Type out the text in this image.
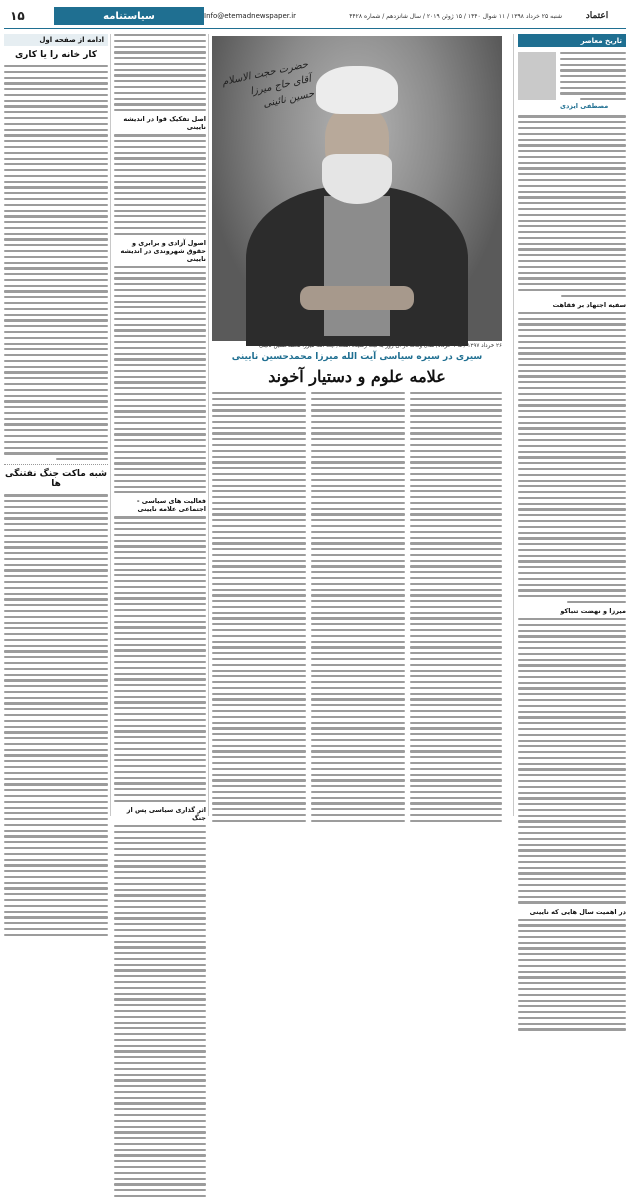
اعتماد
شنبه ۲۵ خرداد ۱۳۹۸ / ۱۱ شوال ۱۴۴۰ / ۱۵ ژوئن ۲۰۱۹ / سال شانزدهم / شماره ۴۴۲۸
Info@etemadnewspaper.ir
سیاستنامه
۱۵
تاریخ معاصر
مصطفی ایزدی
سفیه اجتهاد بر فقاهت
میرزا و نهضت تنباکو
در اهمیت سال هایی که نایینی
حضرت حجت الاسلام آقای حاج میرزا حسین نائینی
۲۶ خرداد ۱۲۹۷ / ۱۹۵ خرداد/ سال وفات در آن روز به ثبت رسیده است/ آیت الله میرزا محمدحسین نائینی
سیری در سیره سیاسی آیت الله میرزا محمدحسین نایینی
علامه علوم و دستیار آخوند
اصل تفکیک قوا در اندیشه نایینی
اصول آزادی و برابری و حقوق شهروندی در اندیشه نایینی
فعالیت های سیاسی - اجتماعی علامه نایینی
اثر گذاری سیاسی پس از جنگ
ادامه از صفحه اول
کار خانه را یا کاری
شبه ماکت جنگ نفتنگی ها
